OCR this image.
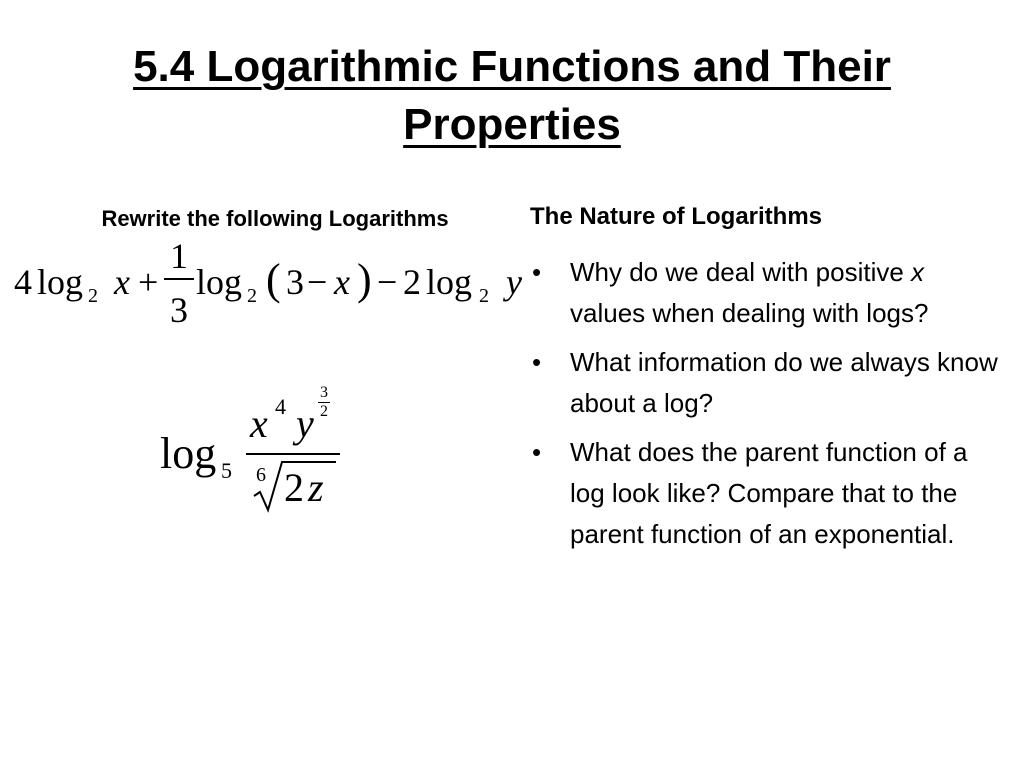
5.4 Logarithmic Functions and Their Properties
Rewrite the following Logarithms
4 log 2 x +
1
3
log 2 ( 3 − x ) − 2 log 2 y
log 5
x 4 y
3
2
6 2 z
The Nature of Logarithms
• Why do we deal with positive x values when dealing with logs?
• What information do we always know about a log?
• What does the parent function of a log look like? Compare that to the parent function of an exponential.
